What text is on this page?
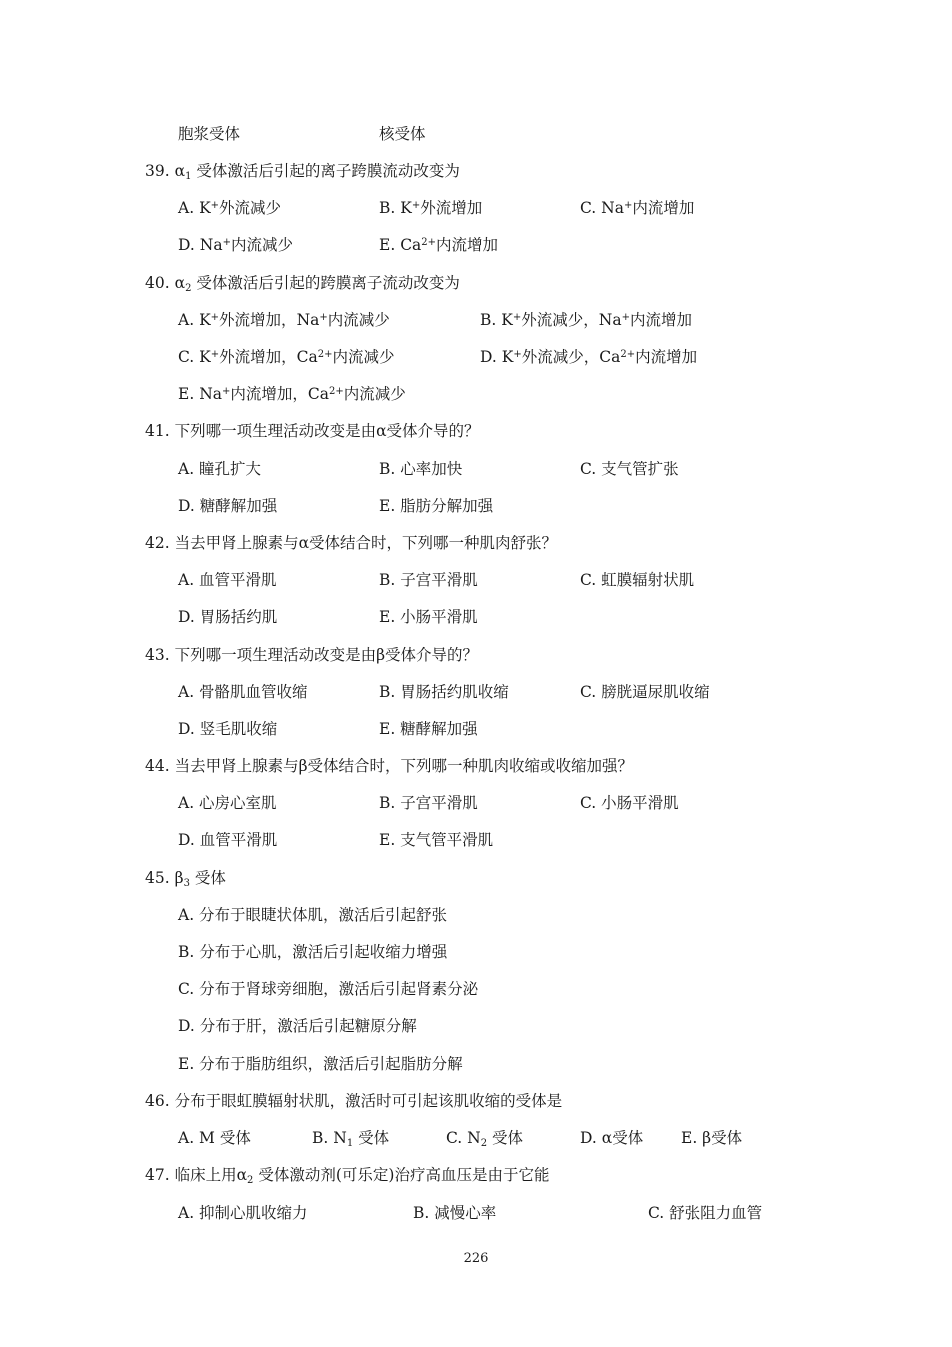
胞浆受体	核受体
39. $\alpha_1$ 受体激活后引起的离子跨膜流动改变为
A. K+外流减少	B. K+外流增加	C. Na+内流增加
D. Na+内流减少	E. $Ca^{2+}$内流增加
40. $\alpha_2$ 受体激活后引起的跨膜离子流动改变为
A. K+外流增加，Na+内流减少	B. K+外流减少，Na+内流增加
C. K+外流增加，$Ca^{2+}$内流减少	D. K+外流减少，$Ca^{2+}$内流增加
E. Na+内流增加，$Ca^{2+}$内流减少
41. 下列哪一项生理活动改变是由α受体介导的？
A. 瞳孔扩大	B. 心率加快	C. 支气管扩张
D. 糖酵解加强	E. 脂肪分解加强
42. 当去甲肾上腺素与α受体结合时，下列哪一种肌肉舒张？
A. 血管平滑肌	B. 子宫平滑肌	C. 虹膜辐射状肌
D. 胃肠括约肌	E. 小肠平滑肌
43. 下列哪一项生理活动改变是由β受体介导的？
A. 骨骼肌血管收缩	B. 胃肠括约肌收缩	C. 膀胱逼尿肌收缩
D. 竖毛肌收缩	E. 糖酵解加强
44. 当去甲肾上腺素与β受体结合时，下列哪一种肌肉收缩或收缩加强？
A. 心房心室肌	B. 子宫平滑肌	C. 小肠平滑肌
D. 血管平滑肌	E. 支气管平滑肌
45. $\beta_3$ 受体
A. 分布于眼睫状体肌，激活后引起舒张
B. 分布于心肌，激活后引起收缩力增强
C. 分布于肾球旁细胞，激活后引起肾素分泌
D. 分布于肝，激活后引起糖原分解
E. 分布于脂肪组织，激活后引起脂肪分解
46. 分布于眼虹膜辐射状肌，激活时可引起该肌收缩的受体是
A. M 受体	B. $N_1$ 受体	C. $N_2$ 受体	D. α受体 E. β受体
47. 临床上用$\alpha_2$ 受体激动剂(可乐定)治疗高血压是由于它能
A. 抑制心肌收缩力	B. 减慢心率	C. 舒张阻力血管
226
